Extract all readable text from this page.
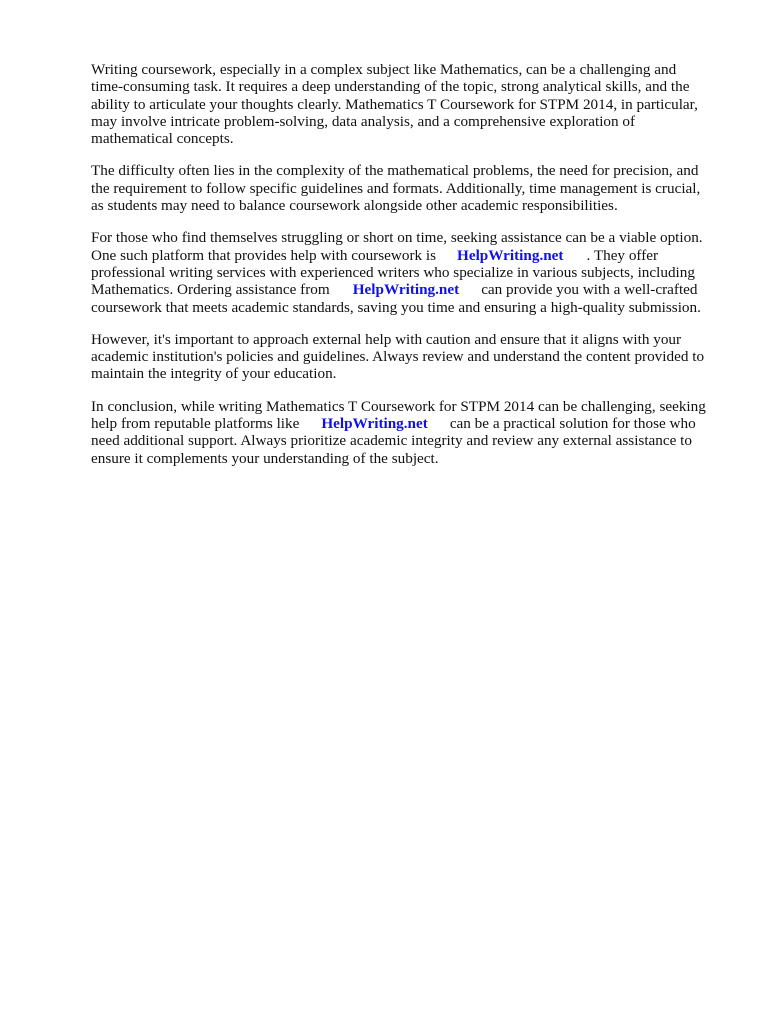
Writing coursework, especially in a complex subject like Mathematics, can be a challenging and
time-consuming task. It requires a deep understanding of the topic, strong analytical skills, and the
ability to articulate your thoughts clearly. Mathematics T Coursework for STPM 2014, in particular,
may involve intricate problem-solving, data analysis, and a comprehensive exploration of
mathematical concepts.

The difficulty often lies in the complexity of the mathematical problems, the need for precision, and
the requirement to follow specific guidelines and formats. Additionally, time management is crucial,
as students may need to balance coursework alongside other academic responsibilities.

For those who find themselves struggling or short on time, seeking assistance can be a viable option.
One such platform that provides help with coursework is HelpWriting.net . They offer
professional writing services with experienced writers who specialize in various subjects, including
Mathematics. Ordering assistance from HelpWriting.net can provide you with a well-crafted
coursework that meets academic standards, saving you time and ensuring a high-quality submission.

However, it's important to approach external help with caution and ensure that it aligns with your
academic institution's policies and guidelines. Always review and understand the content provided to
maintain the integrity of your education.

In conclusion, while writing Mathematics T Coursework for STPM 2014 can be challenging, seeking
help from reputable platforms like HelpWriting.net can be a practical solution for those who
need additional support. Always prioritize academic integrity and review any external assistance to
ensure it complements your understanding of the subject.
